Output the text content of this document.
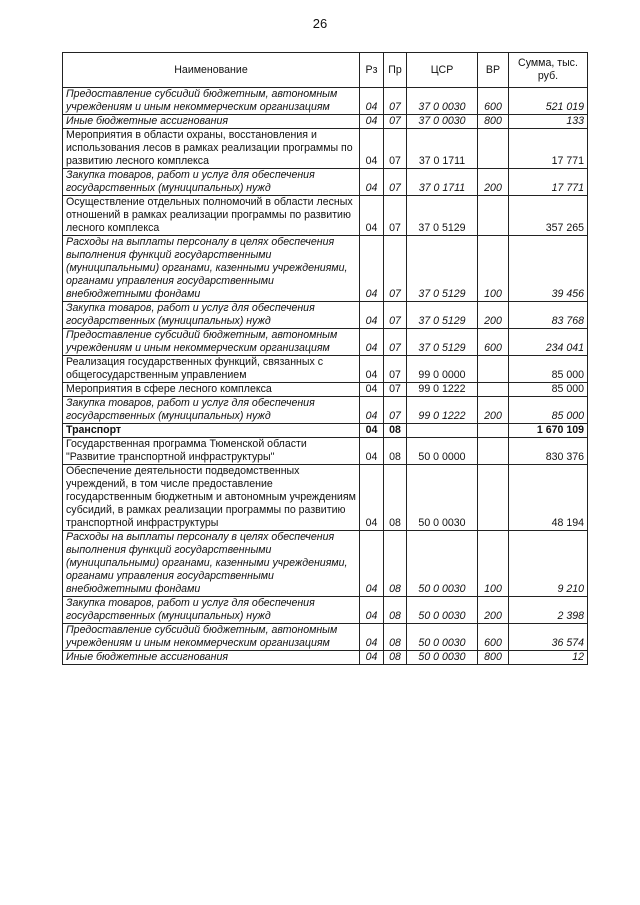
26
Наименование	Рз	Пр	ЦСР	ВР	Сумма, тыс. руб.
Предоставление субсидий бюджетным, автономным учреждениям и иным некоммерческим организациям	04	07	37 0 0030	600	521 019
Иные бюджетные ассигнования	04	07	37 0 0030	800	133
Мероприятия в области охраны, восстановления и использования лесов в рамках реализации программы по развитию лесного комплекса	04	07	37 0 1711		17 771
Закупка товаров, работ и услуг для обеспечения государственных (муниципальных) нужд	04	07	37 0 1711	200	17 771
Осуществление отдельных полномочий в области лесных отношений в рамках реализации программы по развитию лесного комплекса	04	07	37 0 5129		357 265
Расходы на выплаты персоналу в целях обеспечения выполнения функций государственными (муниципальными) органами, казенными учреждениями, органами управления государственными внебюджетными фондами	04	07	37 0 5129	100	39 456
Закупка товаров, работ и услуг для обеспечения государственных (муниципальных) нужд	04	07	37 0 5129	200	83 768
Предоставление субсидий бюджетным, автономным учреждениям и иным некоммерческим организациям	04	07	37 0 5129	600	234 041
Реализация государственных функций, связанных с общегосударственным управлением	04	07	99 0 0000		85 000
Мероприятия в сфере лесного комплекса	04	07	99 0 1222		85 000
Закупка товаров, работ и услуг для обеспечения государственных (муниципальных) нужд	04	07	99 0 1222	200	85 000
Транспорт	04	08			1 670 109
Государственная программа Тюменской области "Развитие транспортной инфраструктуры"	04	08	50 0 0000		830 376
Обеспечение деятельности подведомственных учреждений, в том числе предоставление государственным бюджетным и автономным учреждениям субсидий, в рамках реализации программы по развитию транспортной инфраструктуры	04	08	50 0 0030		48 194
Расходы на выплаты персоналу в целях обеспечения выполнения функций государственными (муниципальными) органами, казенными учреждениями, органами управления государственными внебюджетными фондами	04	08	50 0 0030	100	9 210
Закупка товаров, работ и услуг для обеспечения государственных (муниципальных) нужд	04	08	50 0 0030	200	2 398
Предоставление субсидий бюджетным, автономным учреждениям и иным некоммерческим организациям	04	08	50 0 0030	600	36 574
Иные бюджетные ассигнования	04	08	50 0 0030	800	12
